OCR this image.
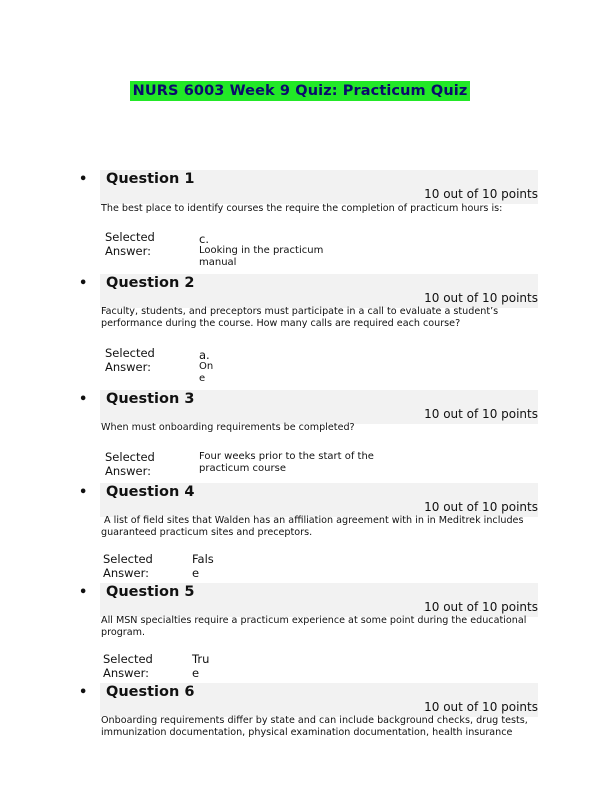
NURS 6003 Week 9 Quiz: Practicum Quiz
• Question 1
10 out of 10 points
The best place to identify courses the require the completion of practicum hours is:
Selected
Answer:
c.
Looking in the practicum
manual
• Question 2
10 out of 10 points
Faculty, students, and preceptors must participate in a call to evaluate a student’s
performance during the course. How many calls are required each course?
Selected
Answer:
a.
On
e
• Question 3
10 out of 10 points
When must onboarding requirements be completed?
Selected
Answer:
Four weeks prior to the start of the
practicum course
• Question 4
10 out of 10 points
A list of field sites that Walden has an affiliation agreement with in in Meditrek includes
guaranteed practicum sites and preceptors.
Selected
Answer:
Fals
e
• Question 5
10 out of 10 points
All MSN specialties require a practicum experience at some point during the educational
program.
Selected
Answer:
Tru
e
• Question 6
10 out of 10 points
Onboarding requirements differ by state and can include background checks, drug tests,
immunization documentation, physical examination documentation, health insurance
